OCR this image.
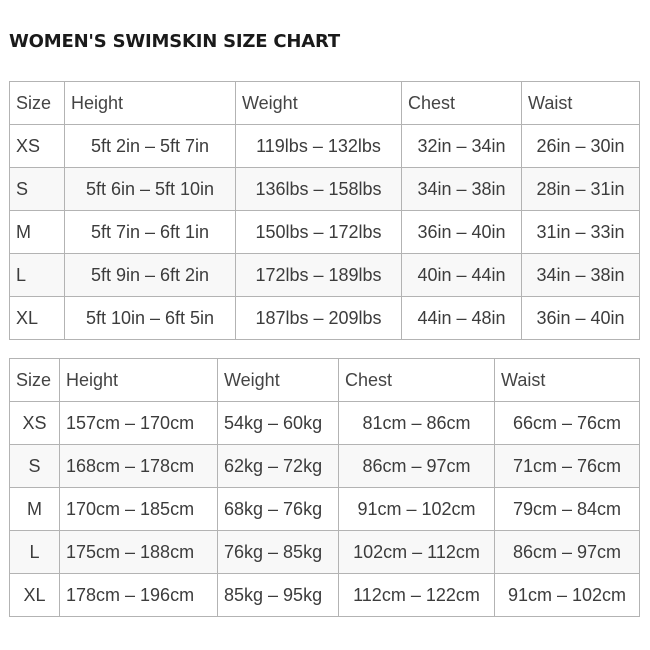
WOMEN'S SWIMSKIN SIZE CHART
Size	Height	Weight	Chest	Waist
XS	5ft 2in – 5ft 7in	119lbs – 132lbs	32in – 34in	26in – 30in
S	5ft 6in – 5ft 10in	136lbs – 158lbs	34in – 38in	28in – 31in
M	5ft 7in – 6ft 1in	150lbs – 172lbs	36in – 40in	31in – 33in
L	5ft 9in – 6ft 2in	172lbs – 189lbs	40in – 44in	34in – 38in
XL	5ft 10in – 6ft 5in	187lbs – 209lbs	44in – 48in	36in – 40in
Size	Height	Weight	Chest	Waist
XS	157cm – 170cm	54kg – 60kg	81cm – 86cm	66cm – 76cm
S	168cm – 178cm	62kg – 72kg	86cm – 97cm	71cm – 76cm
M	170cm – 185cm	68kg – 76kg	91cm – 102cm	79cm – 84cm
L	175cm – 188cm	76kg – 85kg	102cm – 112cm	86cm – 97cm
XL	178cm – 196cm	85kg – 95kg	112cm – 122cm	91cm – 102cm
